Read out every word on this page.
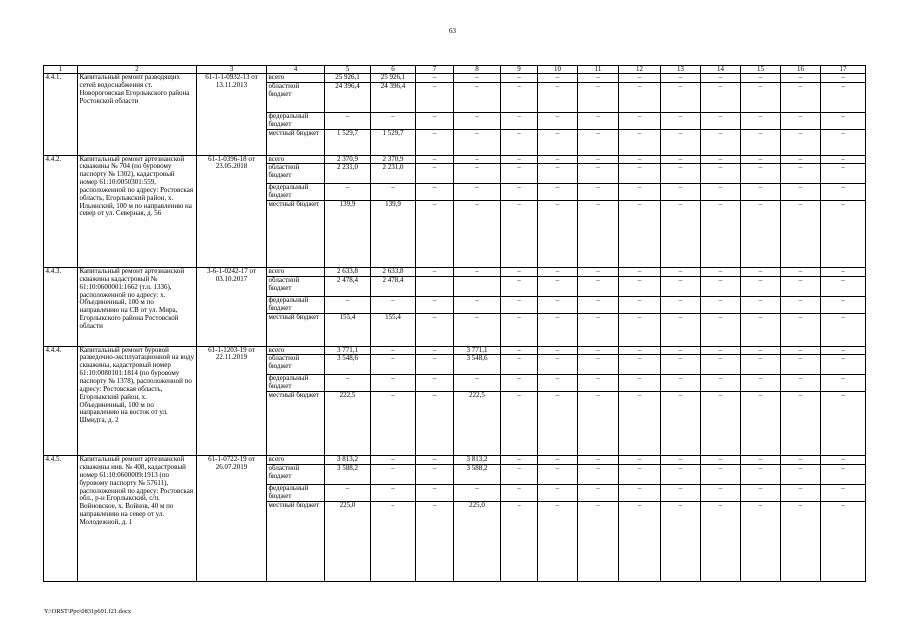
63
1	2	3	4	5	6	7	8	9	10	11	12	13	14	15	16	17
4.4.1.	Капитальный ремонт разводящих сетей водоснабжения ст. Новороговская Егорлыкского района Ростовской области	61-1-1-0932-13 от 13.11.2013	всего	25 926,1	25 926,1	–	–	–	–	–	–	–	–	–	–	–
			областной бюджет	24 396,4	24 396,4	–	–	–	–	–	–	–	–	–	–	–
			федеральный бюджет	–	–	–	–	–	–	–	–	–	–	–	–	–
			местный бюджет	1 529,7	1 529,7	–	–	–	–	–	–	–	–	–	–	–
4.4.2.	Капитальный ремонт артезианской скважины № 704 (по буровому паспорту № 1302), кадастровый номер 61:10:0050301:559, расположенной по адресу: Ростовская область, Егорлыкский район, х. Ильинский, 100 м по направлению на север от ул. Северная, д. 56	61-1-0396-18 от 23.05.2018	всего	2 370,9	2 370,9	–	–	–	–	–	–	–	–	–	–	–
			областной бюджет	2 231,0	2 231,0	–	–	–	–	–	–	–	–	–	–	–
			федеральный бюджет	–	–	–	–	–	–	–	–	–	–	–	–	–
			местный бюджет	139,9	139,9	–	–	–	–	–	–	–	–	–	–	–
4.4.3.	Капитальный ремонт артезианской скважины кадастровый № 61:10:0600001:1662 (т.п. 1336), расположенной по адресу: х. Объединенный, 100 м по направлению на СВ от ул. Мира, Егорлыкского района Ростовской области	3-6-1-0242-17 от 03.10.2017	всего	2 633,8	2 633,8	–	–	–	–	–	–	–	–	–	–	–
			областной бюджет	2 478,4	2 478,4			–	–	–	–	–	–	–	–	–
			федеральный бюджет	–	–	–	–	–	–	–	–	–	–	–	–	–
			местный бюджет	155,4	155,4	–	–	–	–	–	–	–	–	–	–	–
4.4.4.	Капитальный ремонт буровой разведочно-эксплуатационной на воду скважины, кадастровый номер 61:10:0080101:1814 (по буровому паспорту № 1378), расположенной по адресу: Ростовская область, Егорлыкский район, х. Объединенный, 100 м по направлению на восток от ул. Шмидта, д. 2	61-1-1203-19 от 22.11.2019	всего	3 771,1	–	–	3 771,1	–	–	–	–	–	–	–	–	–
			областной бюджет	3 548,6	–	–	3 548,6	–	–	–	–	–	–	–	–	–
			федеральный бюджет	–	–	–	–	–	–	–	–	–	–	–	–	–
			местный бюджет	222,5	–	–	222,5	–	–	–	–	–	–	–	–	–
4.4.5.	Капитальный ремонт артезианской скважины инв. № 408, кадастровый номер 61:10:0600009:1913 (по буровому паспорту № 57611), расположенной по адресу: Ростовская обл., р-н Егорлыкский, с/п. Войновское, х. Войнов, 40 м по направлению на север от ул. Молодежной, д. 1	61-1-0722-19 от 26.07.2019	всего	3 813,2	–	–	3 813,2	–	–	–	–	–	–	–	–	–
			областной бюджет	3 588,2	–	–	3 588,2	–	–	–	–	–	–	–	–	–
			федеральный бюджет	–	–	–	–	–	–	–	–	–	–	–	–	–
			местный бюджет	225,0	–	–	225,0	–	–	–	–	–	–	–	–	–
Y:\ORST\Ppo\0831p691.f21.docx
